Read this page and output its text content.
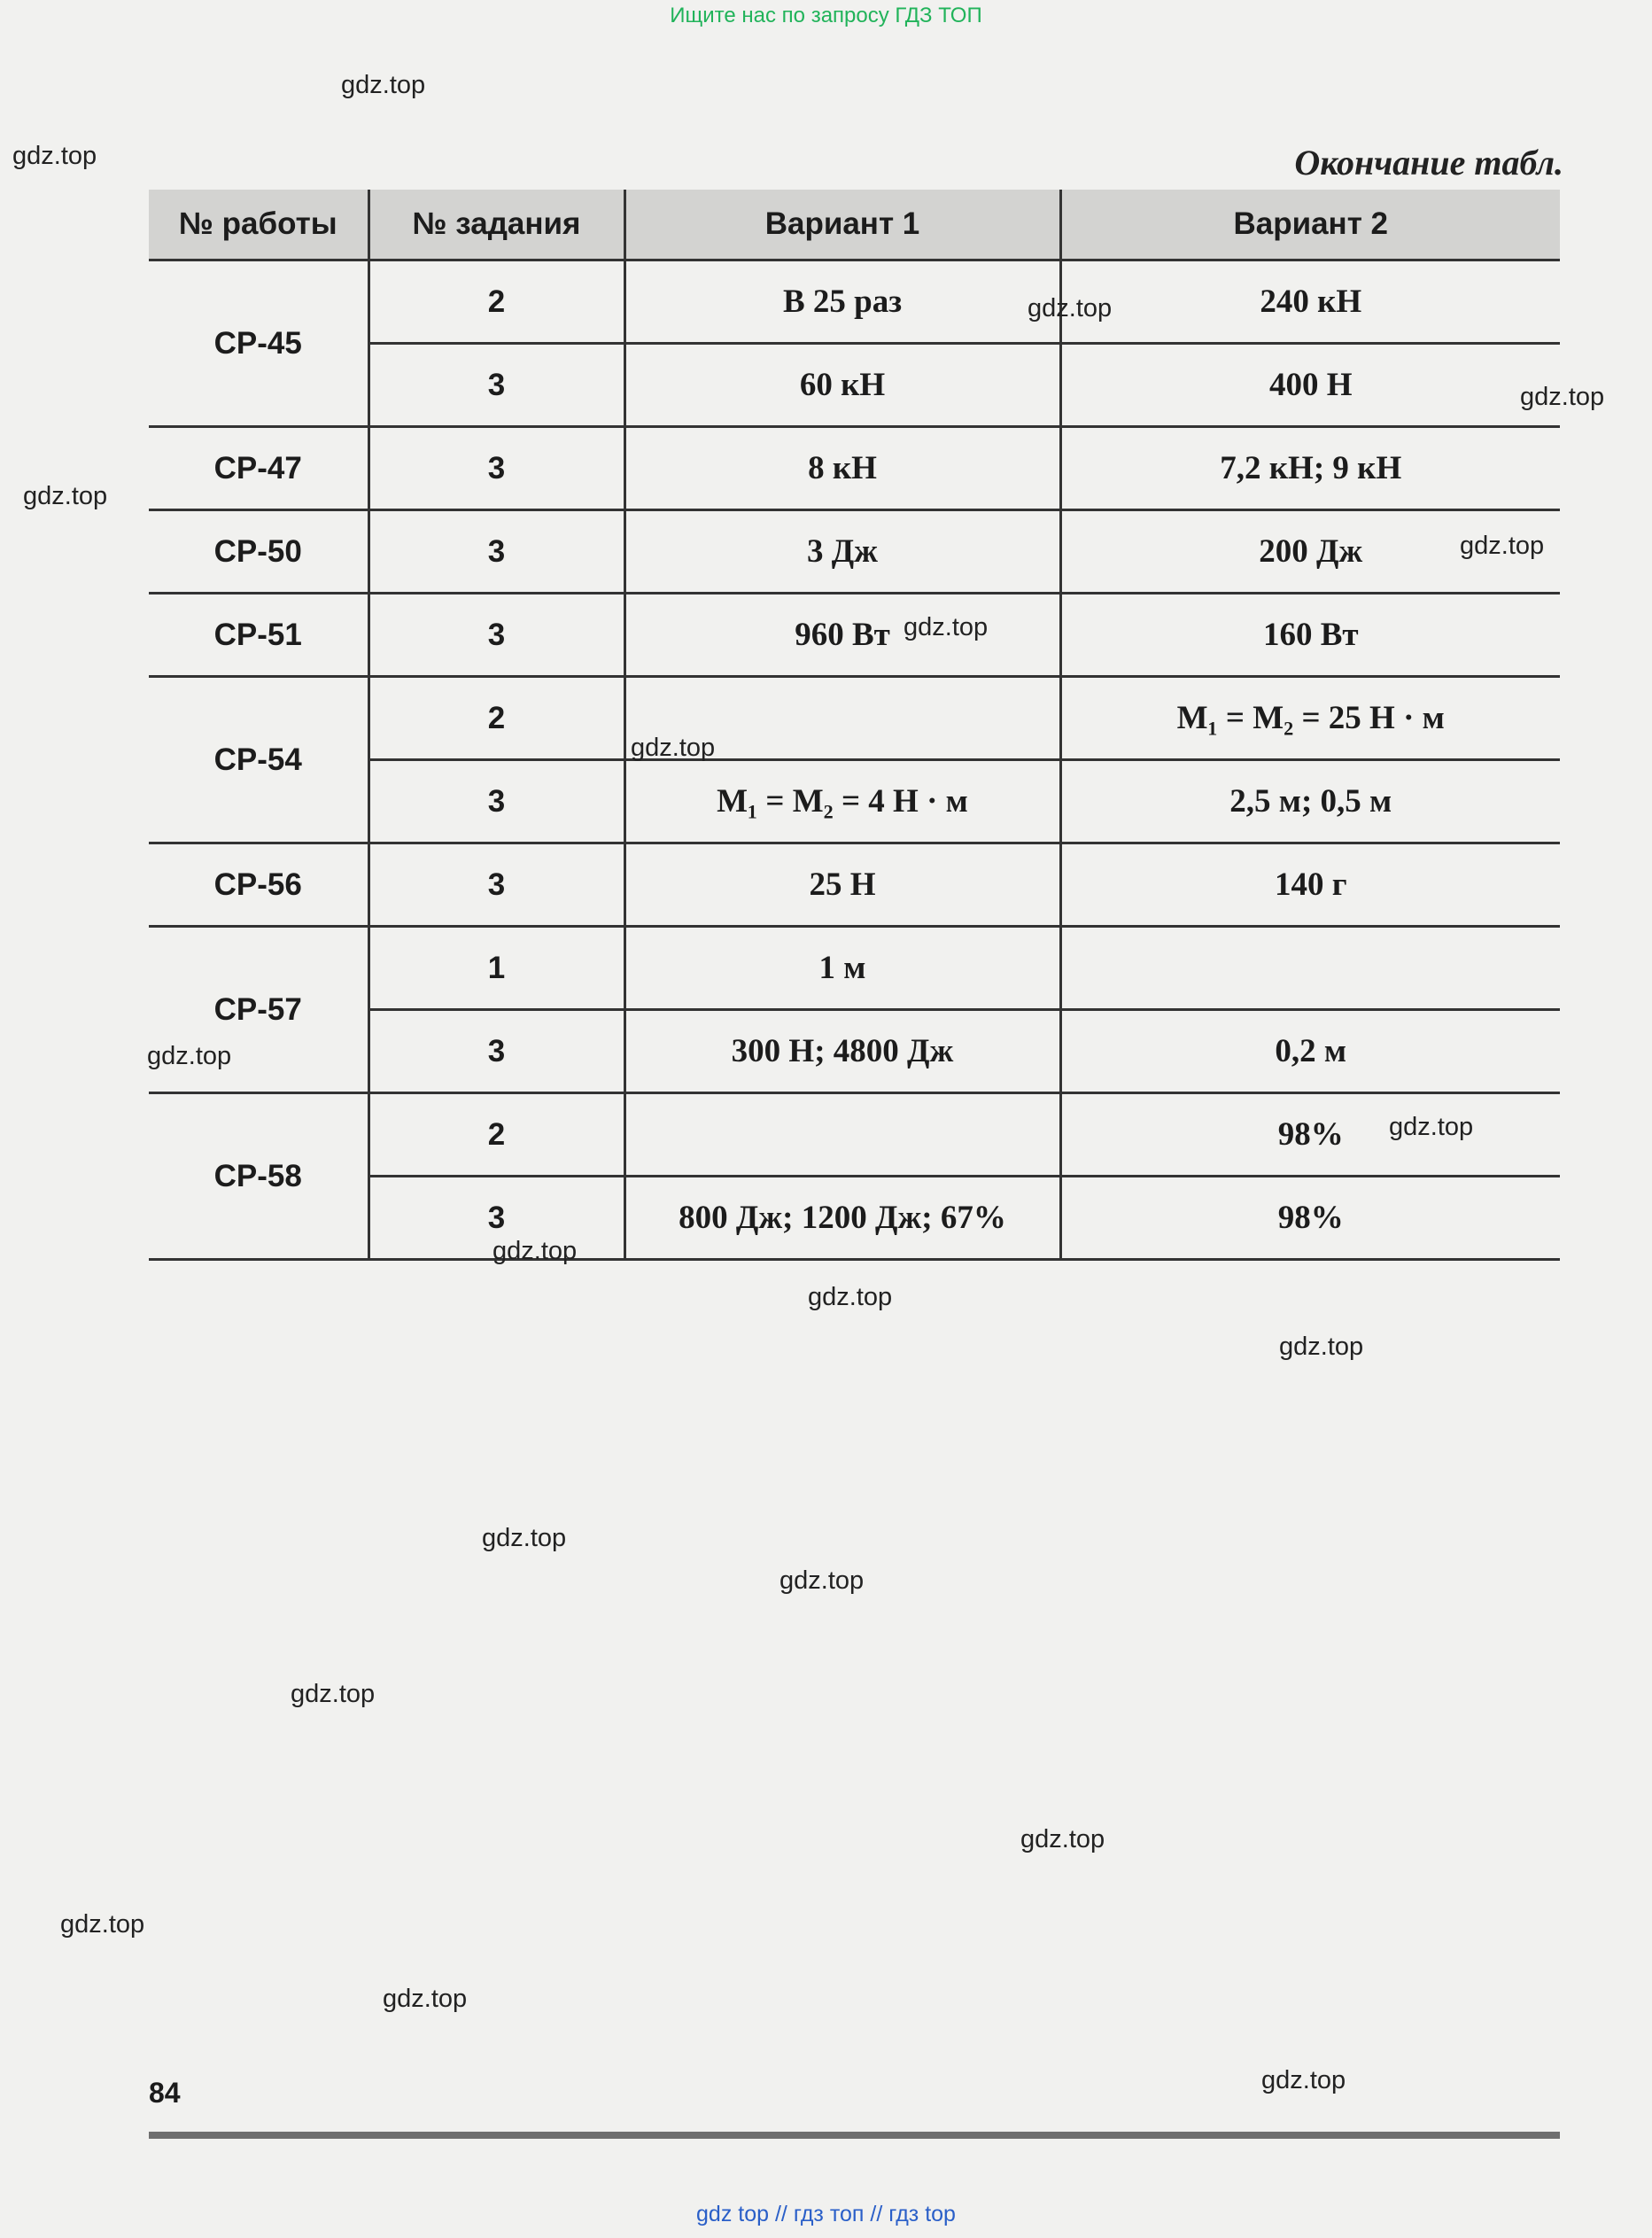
Ищите нас по запросу ГДЗ ТОП
Окончание табл.
№ работы	№ задания	Вариант 1	Вариант 2
СР-45	2	В 25 раз	240 кН
	3	60 кН	400 Н
СР-47	3	8 кН	7,2 кН; 9 кН
СР-50	3	3 Дж	200 Дж
СР-51	3	960 Вт	160 Вт
СР-54	2		M₁ = M₂ = 25 Н · м
	3	M₁ = M₂ = 4 Н · м	2,5 м; 0,5 м
СР-56	3	25 Н	140 г
СР-57	1	1 м	
	3	300 Н; 4800 Дж	0,2 м
СР-58	2		98%
	3	800 Дж; 1200 Дж; 67%	98%
84
gdz top // гдз топ // гдз top
gdz.top
gdz.top
gdz.top
gdz.top
gdz.top
gdz.top
gdz.top
gdz.top
gdz.top
gdz.top
gdz.top
gdz.top
gdz.top
gdz.top
gdz.top
gdz.top
gdz.top
gdz.top
gdz.top
gdz.top
